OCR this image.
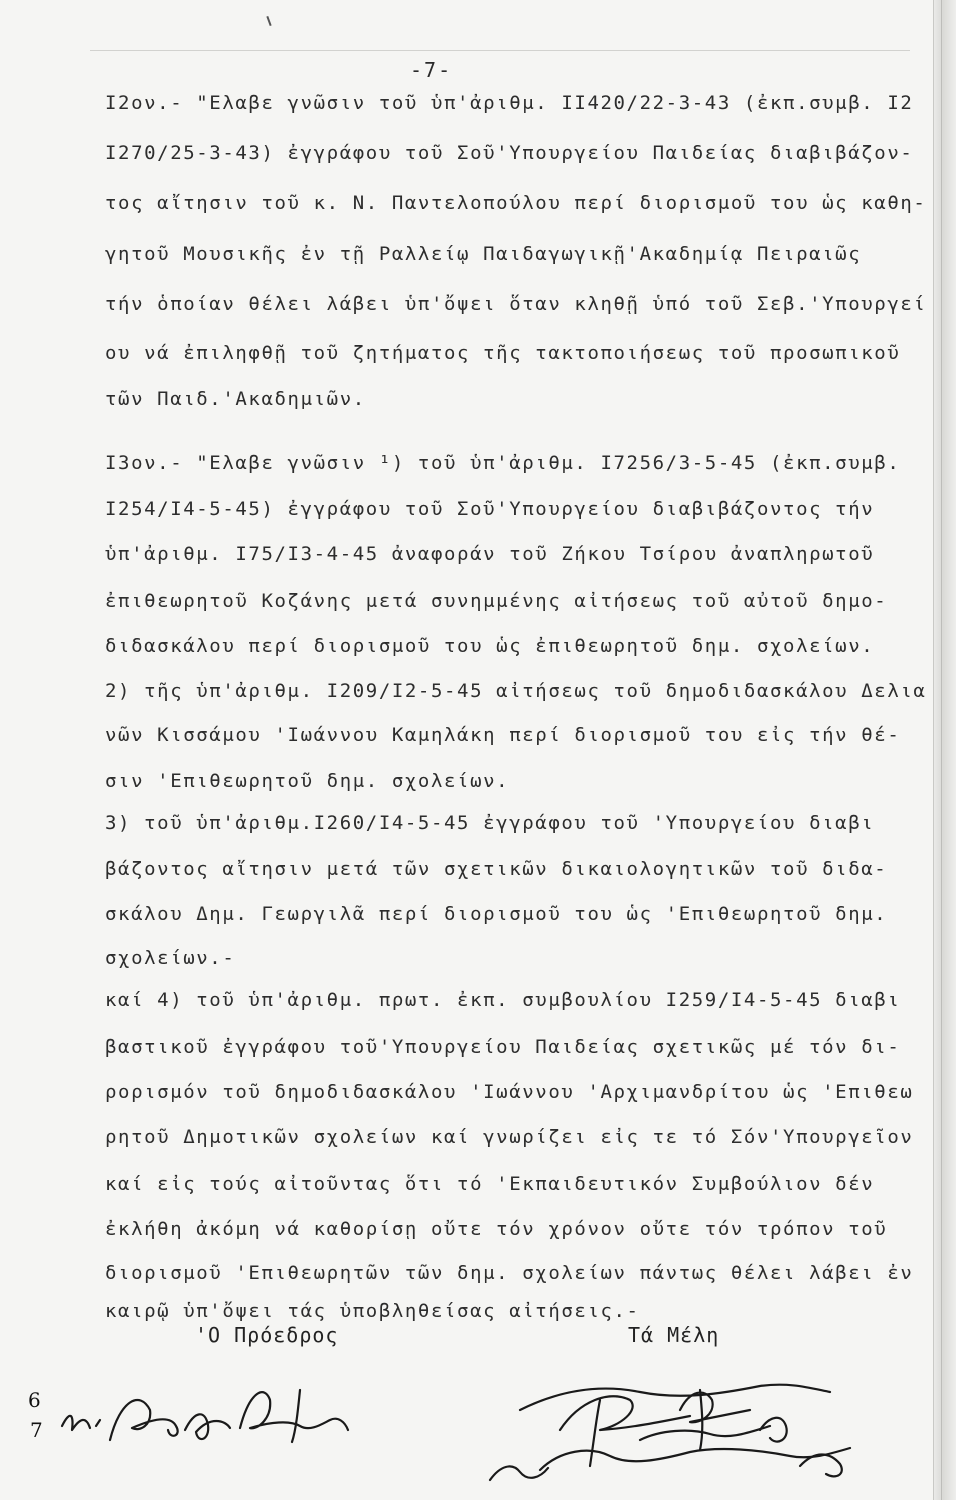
-7-
Ι2ον.- "Ελαβε γνῶσιν τοῦ ὑπ'ἀριθμ. ΙΙ420/22-3-43 (ἐκπ.συμβ. Ι2
Ι270/25-3-43) ἐγγράφου τοῦ Σοῦ'Υπουργείου Παιδείας διαβιβάζον-
τος αἴτησιν τοῦ κ. Ν. Παντελοπούλου περί διορισμοῦ του ὡς καθη-
γητοῦ Μουσικῆς ἐν τῇ Ραλλείῳ Παιδαγωγικῇ'Ακαδημίᾳ Πειραιῶς
τήν ὁποίαν θέλει λάβει ὑπ'ὄψει ὅταν κληθῇ ὑπό τοῦ Σεβ.'Υπουργεί
ου νά ἐπιληφθῇ τοῦ ζητήματος τῆς τακτοποιήσεως τοῦ προσωπικοῦ
τῶν Παιδ.'Ακαδημιῶν.
Ι3ον.- "Ελαβε γνῶσιν ¹) τοῦ ὑπ'ἀριθμ. Ι7256/3-5-45 (ἐκπ.συμβ.
Ι254/Ι4-5-45) ἐγγράφου τοῦ Σοῦ'Υπουργείου διαβιβάζοντος τήν
ὑπ'ἀριθμ. Ι75/Ι3-4-45 ἀναφοράν τοῦ Ζήκου Τσίρου ἀναπληρωτοῦ
ἐπιθεωρητοῦ Κοζάνης μετά συνημμένης αἰτήσεως τοῦ αὐτοῦ δημο-
διδασκάλου περί διορισμοῦ του ὡς ἐπιθεωρητοῦ δημ. σχολείων.
2) τῆς ὑπ'ἀριθμ. Ι209/Ι2-5-45 αἰτήσεως τοῦ δημοδιδασκάλου Δελια
νῶν Κισσάμου 'Ιωάννου Καμηλάκη περί διορισμοῦ του εἰς τήν θέ-
σιν 'Επιθεωρητοῦ δημ. σχολείων.
3) τοῦ ὑπ'ἀριθμ.Ι260/Ι4-5-45 ἐγγράφου τοῦ 'Υπουργείου διαβι
βάζοντος αἴτησιν μετά τῶν σχετικῶν δικαιολογητικῶν τοῦ διδα-
σκάλου Δημ. Γεωργιλᾶ περί διορισμοῦ του ὡς 'Επιθεωρητοῦ δημ.
σχολείων.-
καί 4) τοῦ ὑπ'ἀριθμ. πρωτ. ἐκπ. συμβουλίου Ι259/Ι4-5-45 διαβι
βαστικοῦ ἐγγράφου τοῦ'Υπουργείου Παιδείας σχετικῶς μέ τόν δι-
ρορισμόν τοῦ δημοδιδασκάλου 'Ιωάννου 'Αρχιμανδρίτου ὡς 'Επιθεω
ρητοῦ Δημοτικῶν σχολείων καί γνωρίζει εἰς τε τό Σόν'Υπουργεῖον
καί εἰς τούς αἰτοῦντας ὅτι τό 'Εκπαιδευτικόν Συμβούλιον δέν
ἐκλήθη ἀκόμη νά καθορίσῃ οὔτε τόν χρόνον οὔτε τόν τρόπον τοῦ
διορισμοῦ 'Επιθεωρητῶν τῶν δημ. σχολείων πάντως θέλει λάβει ἐν
καιρῷ ὑπ'ὄψει τάς ὑποβληθείσας αἰτήσεις.-
'Ο Πρόεδρος	Τά Μέλη
6
7
